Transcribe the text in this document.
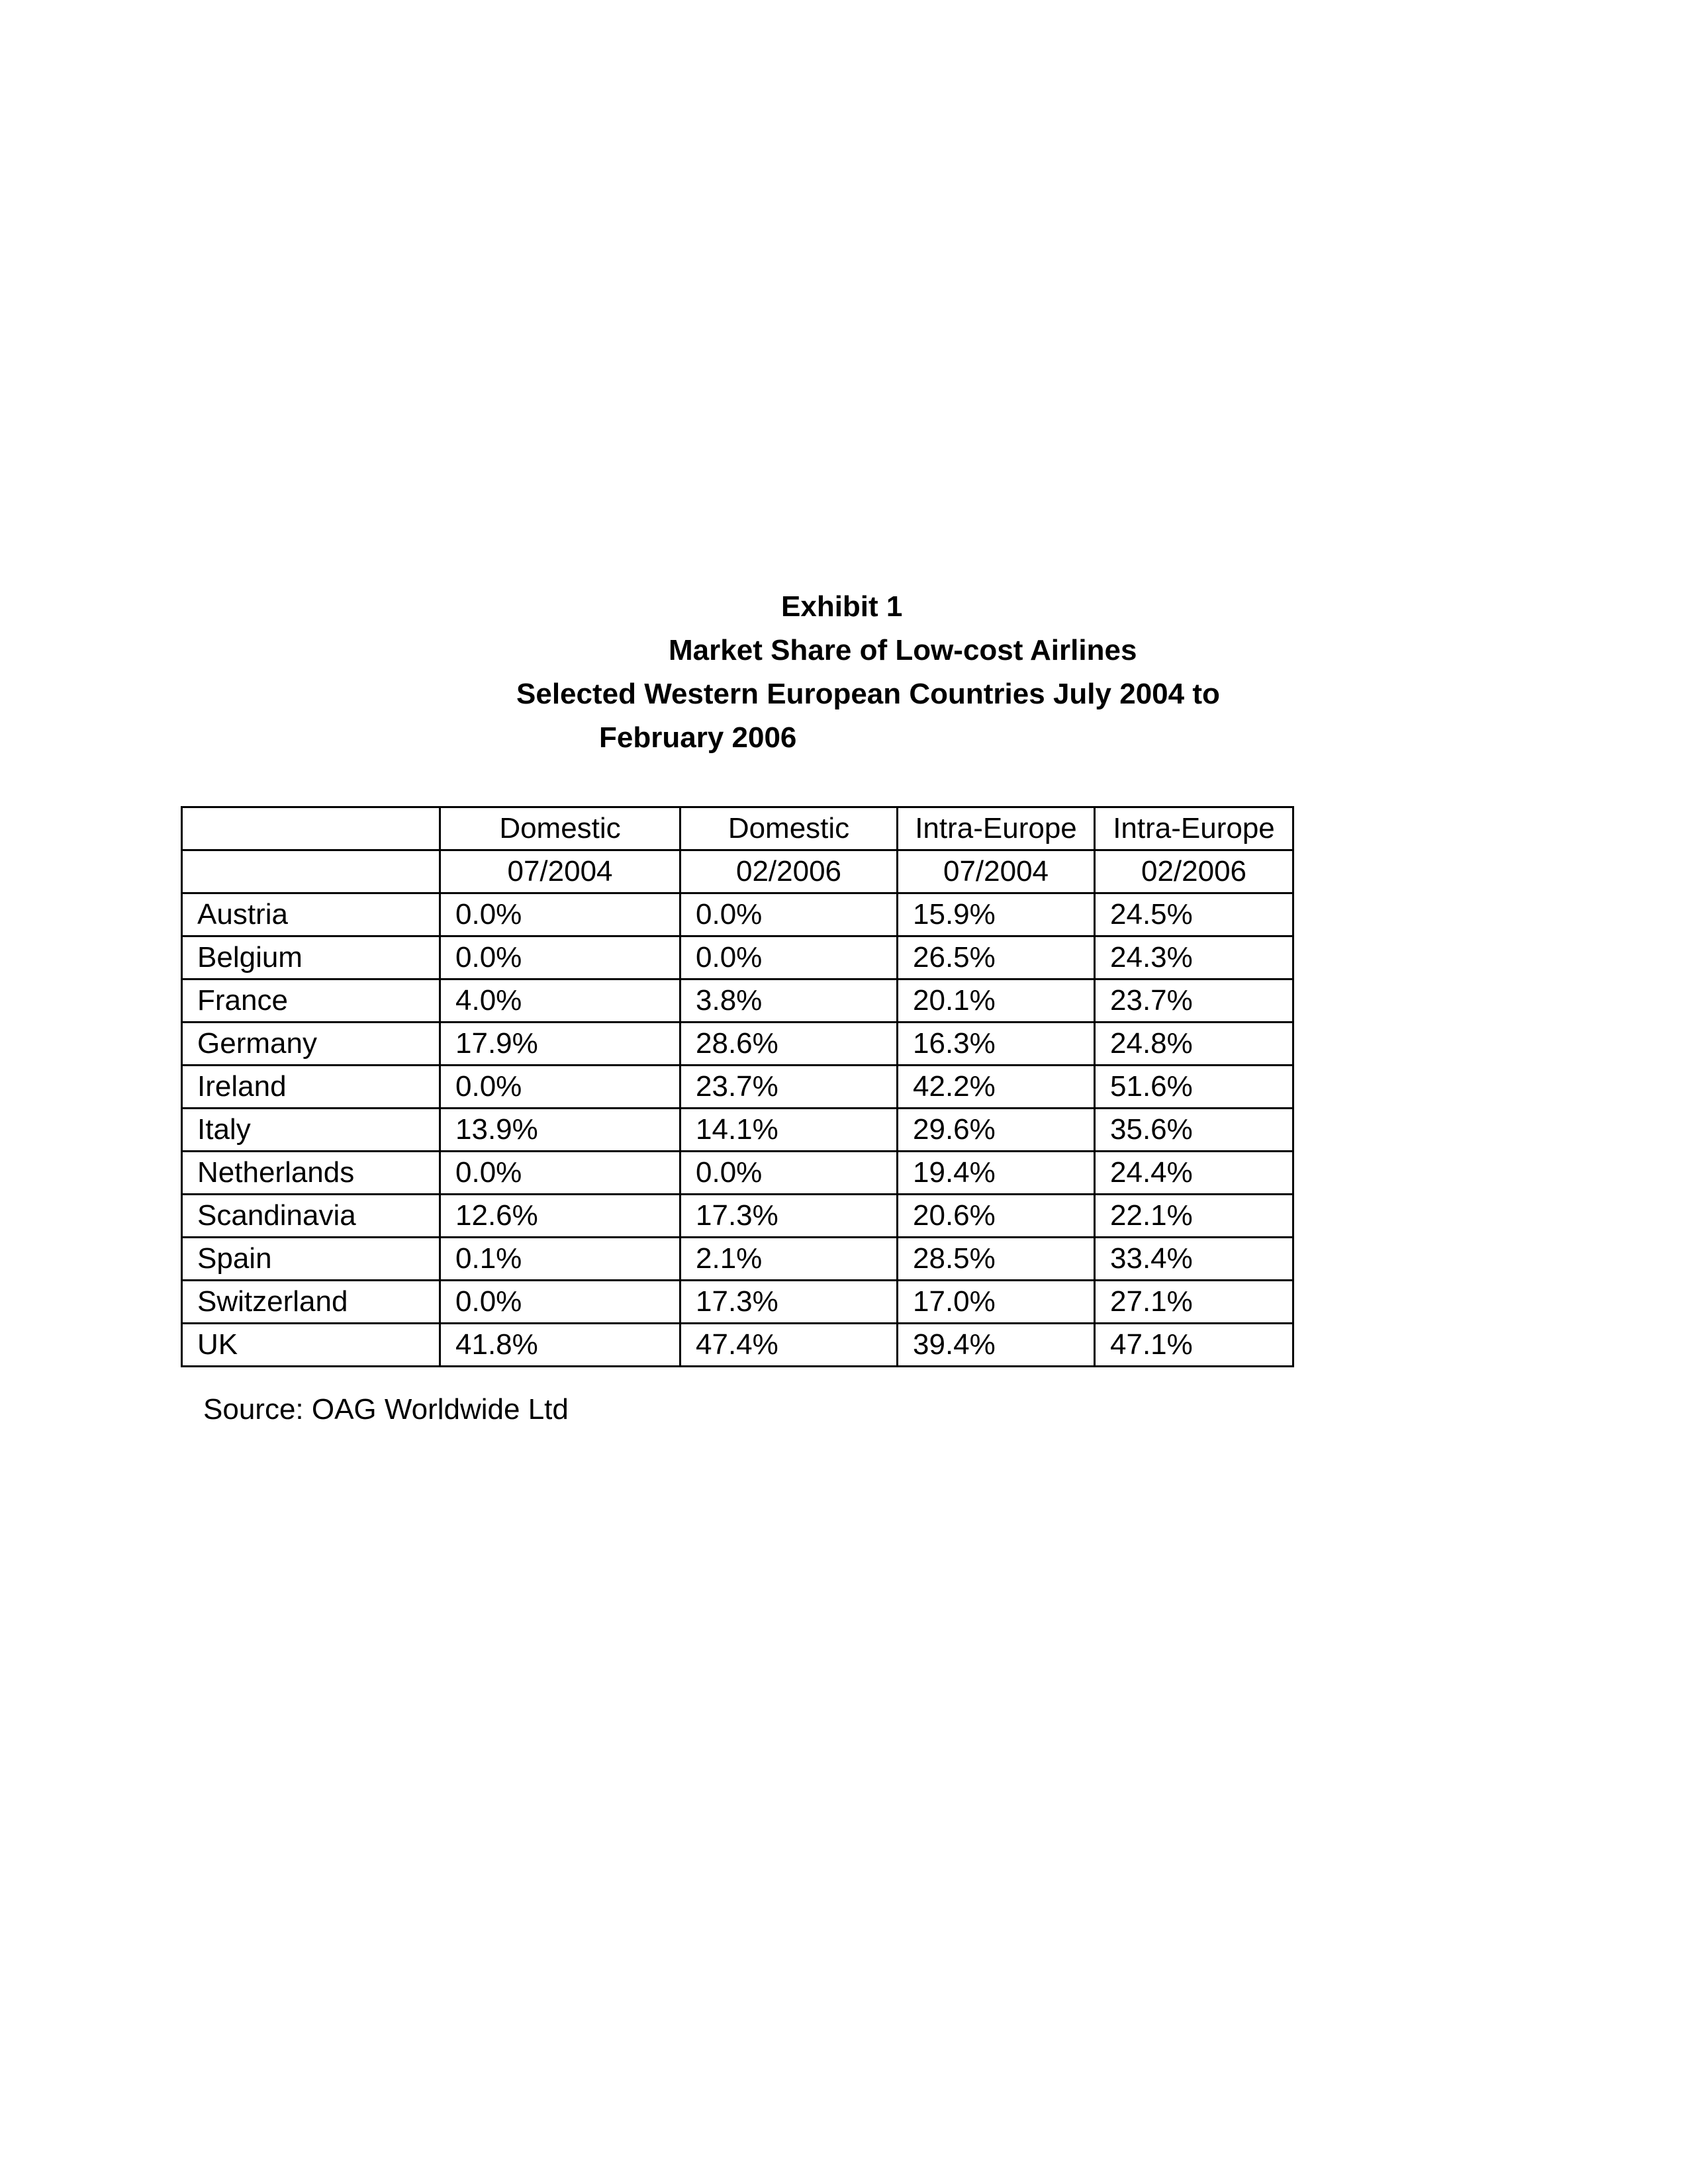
Exhibit 1
Market Share of Low-cost Airlines
Selected Western European Countries July 2004 to
February 2006
	Domestic	Domestic	Intra-Europe	Intra-Europe
	07/2004	02/2006	07/2004	02/2006
Austria	0.0%	0.0%	15.9%	24.5%
Belgium	0.0%	0.0%	26.5%	24.3%
France	4.0%	3.8%	20.1%	23.7%
Germany	17.9%	28.6%	16.3%	24.8%
Ireland	0.0%	23.7%	42.2%	51.6%
Italy	13.9%	14.1%	29.6%	35.6%
Netherlands	0.0%	0.0%	19.4%	24.4%
Scandinavia	12.6%	17.3%	20.6%	22.1%
Spain	0.1%	2.1%	28.5%	33.4%
Switzerland	0.0%	17.3%	17.0%	27.1%
UK	41.8%	47.4%	39.4%	47.1%
Source: OAG Worldwide Ltd
